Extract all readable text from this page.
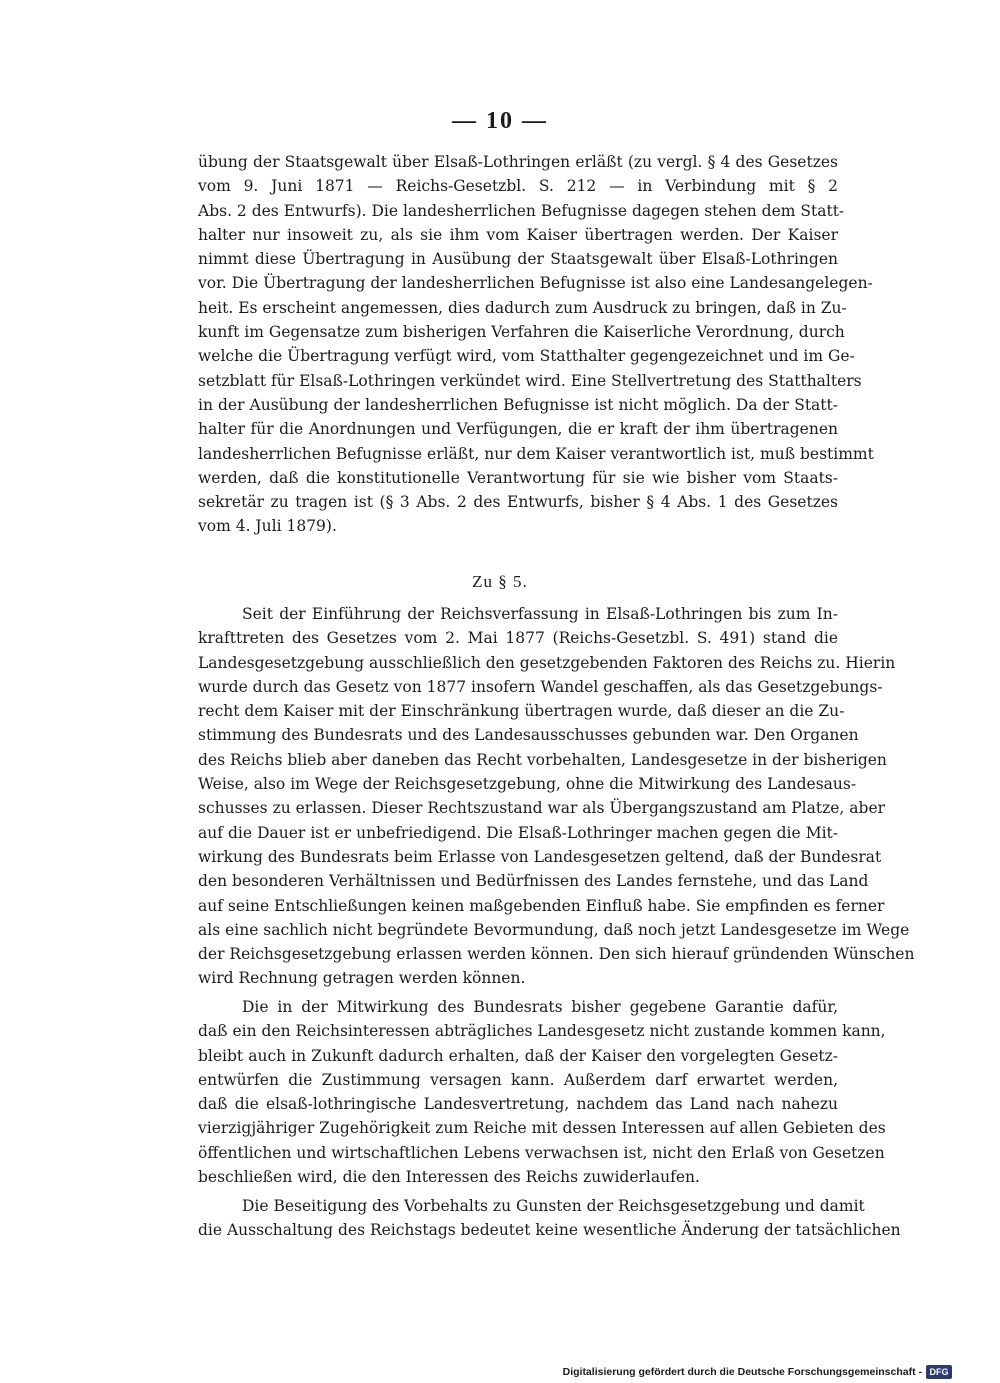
— 10 —
übung der Staatsgewalt über Elsaß-Lothringen erläßt (zu vergl. § 4 des Gesetzes
vom 9. Juni 1871 — Reichs-Gesetzbl. S. 212 — in Verbindung mit § 2
Abs. 2 des Entwurfs). Die landesherrlichen Befugnisse dagegen stehen dem Statt-
halter nur insoweit zu, als sie ihm vom Kaiser übertragen werden. Der Kaiser
nimmt diese Übertragung in Ausübung der Staatsgewalt über Elsaß-Lothringen
vor. Die Übertragung der landesherrlichen Befugnisse ist also eine Landesangelegen-
heit. Es erscheint angemessen, dies dadurch zum Ausdruck zu bringen, daß in Zu-
kunft im Gegensatze zum bisherigen Verfahren die Kaiserliche Verordnung, durch
welche die Übertragung verfügt wird, vom Statthalter gegengezeichnet und im Ge-
setzblatt für Elsaß-Lothringen verkündet wird. Eine Stellvertretung des Statthalters
in der Ausübung der landesherrlichen Befugnisse ist nicht möglich. Da der Statt-
halter für die Anordnungen und Verfügungen, die er kraft der ihm übertragenen
landesherrlichen Befugnisse erläßt, nur dem Kaiser verantwortlich ist, muß bestimmt
werden, daß die konstitutionelle Verantwortung für sie wie bisher vom Staats-
sekretär zu tragen ist (§ 3 Abs. 2 des Entwurfs, bisher § 4 Abs. 1 des Gesetzes
vom 4. Juli 1879).
Zu § 5.
Seit der Einführung der Reichsverfassung in Elsaß-Lothringen bis zum In-
krafttreten des Gesetzes vom 2. Mai 1877 (Reichs-Gesetzbl. S. 491) stand die
Landesgesetzgebung ausschließlich den gesetzgebenden Faktoren des Reichs zu. Hierin
wurde durch das Gesetz von 1877 insofern Wandel geschaffen, als das Gesetzgebungs-
recht dem Kaiser mit der Einschränkung übertragen wurde, daß dieser an die Zu-
stimmung des Bundesrats und des Landesausschusses gebunden war. Den Organen
des Reichs blieb aber daneben das Recht vorbehalten, Landesgesetze in der bisherigen
Weise, also im Wege der Reichsgesetzgebung, ohne die Mitwirkung des Landesaus-
schusses zu erlassen. Dieser Rechtszustand war als Übergangszustand am Platze, aber
auf die Dauer ist er unbefriedigend. Die Elsaß-Lothringer machen gegen die Mit-
wirkung des Bundesrats beim Erlasse von Landesgesetzen geltend, daß der Bundesrat
den besonderen Verhältnissen und Bedürfnissen des Landes fernstehe, und das Land
auf seine Entschließungen keinen maßgebenden Einfluß habe. Sie empfinden es ferner
als eine sachlich nicht begründete Bevormundung, daß noch jetzt Landesgesetze im Wege
der Reichsgesetzgebung erlassen werden können. Den sich hierauf gründenden Wünschen
wird Rechnung getragen werden können.
Die in der Mitwirkung des Bundesrats bisher gegebene Garantie dafür,
daß ein den Reichsinteressen abträgliches Landesgesetz nicht zustande kommen kann,
bleibt auch in Zukunft dadurch erhalten, daß der Kaiser den vorgelegten Gesetz-
entwürfen die Zustimmung versagen kann. Außerdem darf erwartet werden,
daß die elsaß-lothringische Landesvertretung, nachdem das Land nach nahezu
vierzigjähriger Zugehörigkeit zum Reiche mit dessen Interessen auf allen Gebieten des
öffentlichen und wirtschaftlichen Lebens verwachsen ist, nicht den Erlaß von Gesetzen
beschließen wird, die den Interessen des Reichs zuwiderlaufen.
Die Beseitigung des Vorbehalts zu Gunsten der Reichsgesetzgebung und damit
die Ausschaltung des Reichstags bedeutet keine wesentliche Änderung der tatsächlichen
Digitalisierung gefördert durch die Deutsche Forschungsgemeinschaft - DFG
